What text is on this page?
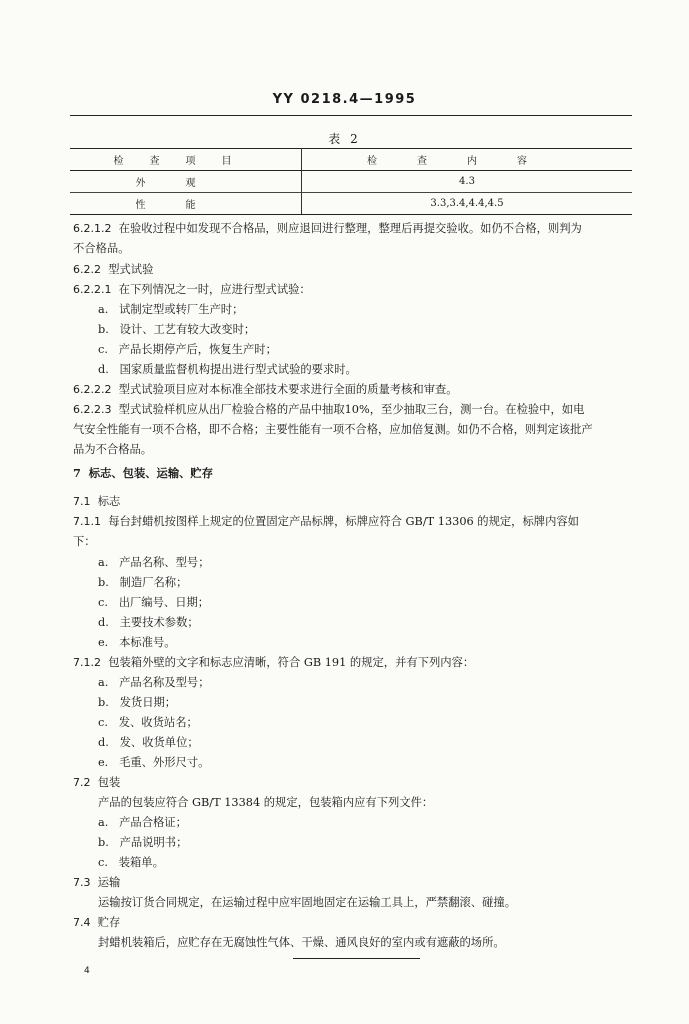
YY 0218.4—1995
表 2
检查项目	检查内容
外观	4.3
性能	3.3,3.4,4.4,4.5
6.2.1.2 在验收过程中如发现不合格品，则应退回进行整理，整理后再提交验收。如仍不合格，则判为
不合格品。
6.2.2 型式试验
6.2.2.1 在下列情况之一时，应进行型式试验：
a. 试制定型或转厂生产时；
b. 设计、工艺有较大改变时；
c. 产品长期停产后，恢复生产时；
d. 国家质量监督机构提出进行型式试验的要求时。
6.2.2.2 型式试验项目应对本标准全部技术要求进行全面的质量考核和审查。
6.2.2.3 型式试验样机应从出厂检验合格的产品中抽取10%，至少抽取三台，测一台。在检验中，如电
气安全性能有一项不合格，即不合格；主要性能有一项不合格，应加倍复测。如仍不合格，则判定该批产
品为不合格品。
7 标志、包装、运输、贮存
7.1 标志
7.1.1 每台封蜡机按图样上规定的位置固定产品标牌，标牌应符合 GB/T 13306 的规定，标牌内容如
下：
a. 产品名称、型号；
b. 制造厂名称；
c. 出厂编号、日期；
d. 主要技术参数；
e. 本标准号。
7.1.2 包装箱外壁的文字和标志应清晰，符合 GB 191 的规定，并有下列内容：
a. 产品名称及型号；
b. 发货日期；
c. 发、收货站名；
d. 发、收货单位；
e. 毛重、外形尺寸。
7.2 包装
产品的包装应符合 GB/T 13384 的规定，包装箱内应有下列文件：
a. 产品合格证；
b. 产品说明书；
c. 装箱单。
7.3 运输
运输按订货合同规定，在运输过程中应牢固地固定在运输工具上，严禁翻滚、碰撞。
7.4 贮存
封蜡机装箱后，应贮存在无腐蚀性气体、干燥、通风良好的室内或有遮蔽的场所。
4
